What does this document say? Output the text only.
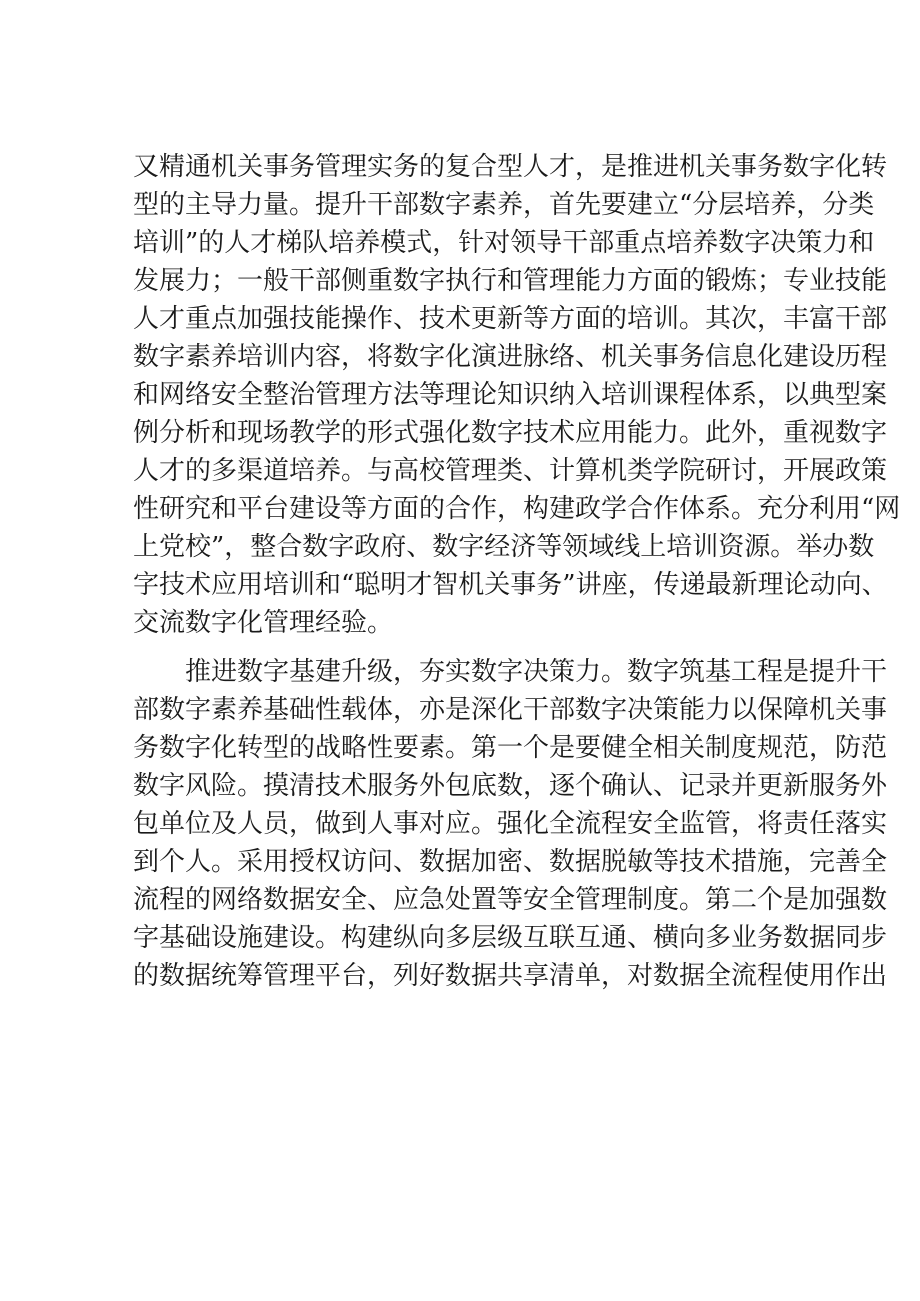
又精通机关事务管理实务的复合型人才，是推进机关事务数字化转
型的主导力量。提升干部数字素养，首先要建立“分层培养，分类
培训”的人才梯队培养模式，针对领导干部重点培养数字决策力和
发展力；一般干部侧重数字执行和管理能力方面的锻炼；专业技能
人才重点加强技能操作、技术更新等方面的培训。其次，丰富干部
数字素养培训内容，将数字化演进脉络、机关事务信息化建设历程
和网络安全整治管理方法等理论知识纳入培训课程体系，以典型案
例分析和现场教学的形式强化数字技术应用能力。此外，重视数字
人才的多渠道培养。与高校管理类、计算机类学院研讨，开展政策
性研究和平台建设等方面的合作，构建政学合作体系。充分利用“网
上党校”，整合数字政府、数字经济等领域线上培训资源。举办数
字技术应用培训和“聪明才智机关事务”讲座，传递最新理论动向、
交流数字化管理经验。
推进数字基建升级，夯实数字决策力。数字筑基工程是提升干
部数字素养基础性载体，亦是深化干部数字决策能力以保障机关事
务数字化转型的战略性要素。第一个是要健全相关制度规范，防范
数字风险。摸清技术服务外包底数，逐个确认、记录并更新服务外
包单位及人员，做到人事对应。强化全流程安全监管，将责任落实
到个人。采用授权访问、数据加密、数据脱敏等技术措施，完善全
流程的网络数据安全、应急处置等安全管理制度。第二个是加强数
字基础设施建设。构建纵向多层级互联互通、横向多业务数据同步
的数据统筹管理平台，列好数据共享清单，对数据全流程使用作出
